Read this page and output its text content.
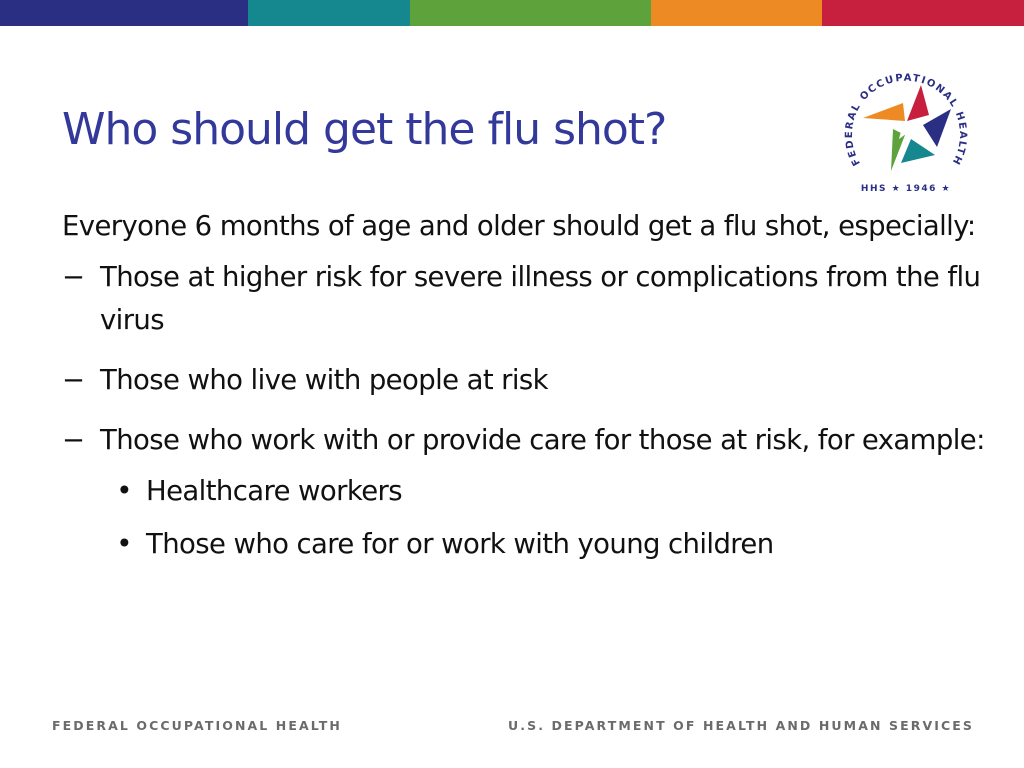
Who should get the flu shot?
FEDERAL OCCUPATIONAL HEALTH
HHS ★ 1946 ★

Everyone 6 months of age and older should get a flu shot, especially:

− Those at higher risk for severe illness or complications from the flu virus
− Those who live with people at risk
− Those who work with or provide care for those at risk, for example:
• Healthcare workers
• Those who care for or work with young children
FEDERAL OCCUPATIONAL HEALTH	U.S. DEPARTMENT OF HEALTH AND HUMAN SERVICES
